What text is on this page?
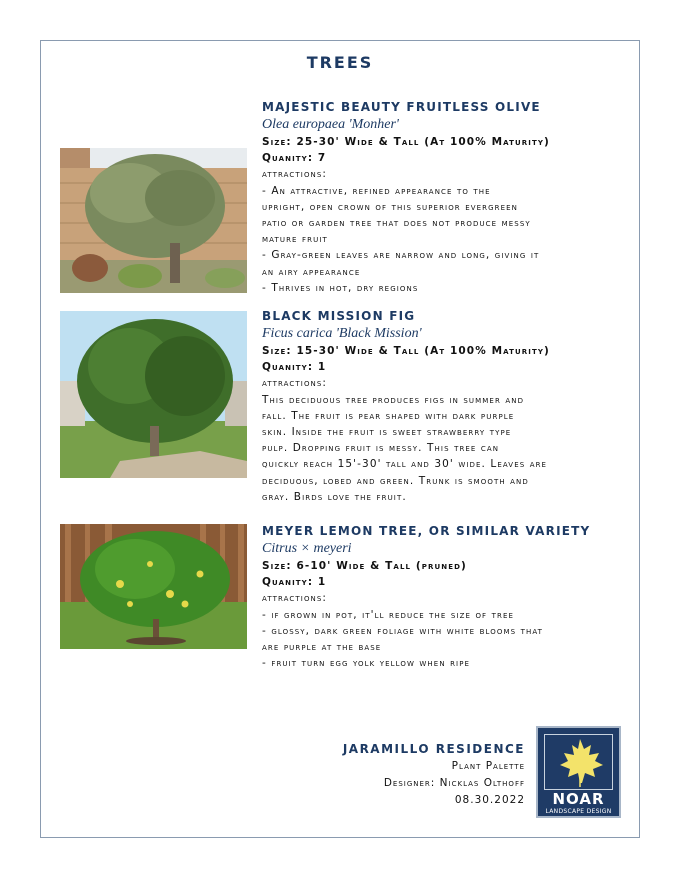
TREES
MAJESTIC BEAUTY FRUITLESS OLIVE
Olea europaea 'Monher'
Size: 25-30' Wide & Tall (At 100% Maturity)
Quanity: 7
attractions:
- An attractive, refined appearance to the
upright, open crown of this superior evergreen
patio or garden tree that does not produce messy
mature fruit
- Gray-green leaves are narrow and long, giving it
an airy appearance
- Thrives in hot, dry regions
BLACK MISSION FIG
Ficus carica 'Black Mission'
Size: 15-30' Wide & Tall (At 100% Maturity)
Quanity: 1
attractions:
This deciduous tree produces figs in summer and
fall. The fruit is pear shaped with dark purple
skin. Inside the fruit is sweet strawberry type
pulp. Dropping fruit is messy. This tree can
quickly reach 15'-30' tall and 30' wide. Leaves are
deciduous, lobed and green. Trunk is smooth and
gray. Birds love the fruit.
MEYER LEMON TREE, OR SIMILAR VARIETY
Citrus × meyeri
Size: 6-10' Wide & Tall (pruned)
Quanity: 1
attractions:
- if grown in pot, it'll reduce the size of tree
- glossy, dark green foliage with white blooms that
are purple at the base
- fruit turn egg yolk yellow when ripe
JARAMILLO RESIDENCE
Plant Palette
Designer: Nicklas Olthoff
08.30.2022	NOAR
LANDSCAPE DESIGN
